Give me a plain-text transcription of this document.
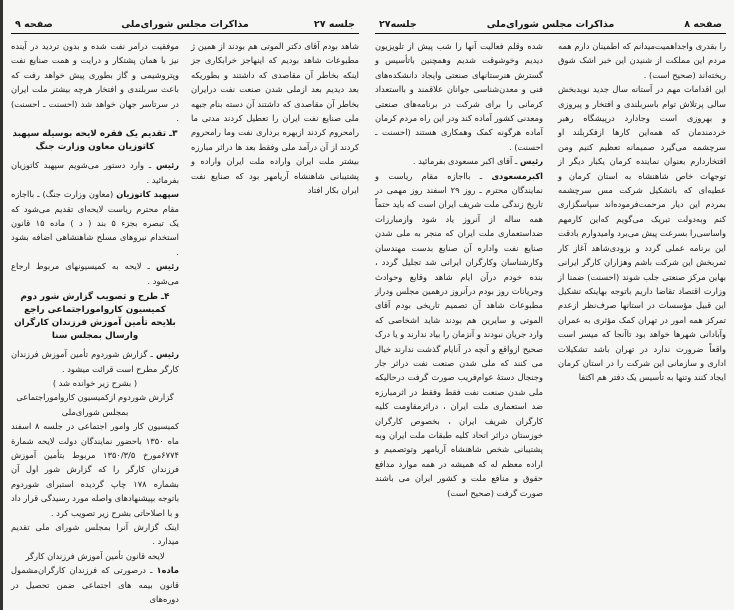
جلسه ۲۷
مذاکرات مجلس شورای‌ملی
صفحه ۹

شاهد بودم آقای دکتر الموتی هم بودند از همین ژ مطبوعات شاهد بودیم که اینهاجز خرابکاری جز اینکه بخاطر آن مقاصدی که داشتند و بطوریکه بعد دیدیم بعد ازملی شدن صنعت نفت درایران بخاطر آن مقاصدی که داشتند آن دسته بنام جبهه ملی صنایع نفت ایران را تعطیل کردند مدتی ما رامحروم کردند ازبهره برداری نفت وما رامحروم کردند از آن درآمد ملی وفقط بعد ها دراثر مبارزه بیشتر ملت ایران واراده ملت ایران واراده و پشتیبانی شاهنشاه آریامهر بود که صنایع نفت ایران بکار افتاد

موفقیت درامر نفت شده و بدون تردید در آینده نیز با همان پشتکار و درایت و همت صنایع نفت وپتروشیمی و گاز بطوری پیش خواهد رفت که باعث سربلندی و افتخار هرچه بیشتر ملت ایران در سرتاسر جهان خواهد شد (احسنت ـ احسنت) .

۳ـ تقدیم یک فقره لایحه بوسیله سپهبد کاتوزیان معاون وزارت جنگ

رئیس ـ وارد دستور می‌شویم سپهبد کاتوزیان بفرمائید .

سپهبد کاتوزیان (معاون وزارت جنگ) ـ بااجازه مقام محترم ریاست لایحه‌ای تقدیم می‌شود که یک تبصره بجزء ۵ بند ( د ) ماده ۱۵ قانون استخدام نیروهای مسلح شاهنشاهی اضافه بشود .

رئیس ـ لایحه به کمیسیونهای مربوط ارجاع می‌شود .

۴ـ طرح و تصویب گزارش شور دوم کمیسیون کارواموراجتماعی راجع بلایحه تأمین آموزش فرزندان کارگران وارسال بمجلس سنا

رئیس ـ گزارش شوردوم تأمین آموزش فرزندان کارگر مطرح است قرائت میشود .

( بشرح زیر خوانده شد )

گزارش شوردوم ازکمیسیون کارواموراجتماعی

بمجلس شورای‌ملی

کمیسیون کار وامور اجتماعی در جلسه ۸ اسفند ماه ۱۳۵۰ باحضور نمایندگان دولت لایحه شمارة ۶۷۷۴مورخ ۱۳۵۰/۳/۵ مربوط بتأمین آموزش فرزندان کارگر را که گزارش شور اول آن بشماره ۱۷۸ چاپ گردیده استبرای شوردوم باتوجه بپیشنهادهای واصله مورد رسیدگی قرار داد و با اصلاحاتی بشرح زیر تصویب کرد .

اینک گزارش آنرا بمجلس شورای ملی تقدیم میدارد .

لایحه قانون تأمین آموزش فرزندان کارگر

ماده۱ ـ درصورتی که فرزندان کارگران‌مشمول قانون بیمه های اجتماعی ضمن تحصیل در دوره‌های

صفحه ۸
مذاکرات مجلس شورای‌ملی
جلسه۲۷

را بقدری واجداهمیت‌میدانم که اطمینان دارم همه مردم این مملکت از شنیدن این خبر اشک شوق ریخته‌اند (صحیح است) .

این اقدامات مهم در آستانه سال جدید نویدبخش سالی پرتلاش توام باسربلندی و افتخار و پیروزی و بهروزی است وجادارد درپیشگاه رهبر خردمندمان که همه‌این کارها ازفکربلند او سرچشمه می‌گیرد صمیمانه تعظیم کنیم ومن افتخاردارم بعنوان نماینده کرمان یکبار دیگر از توجهات خاص شاهنشاه به استان کرمان و عطیه‌ای که باتشکیل شرکت مس سرچشمه بمردم این دیار مرحمت‌فرموده‌اند سپاسگزاری کنم وبه‌دولت تبریک می‌گویم که‌این کارمهم واساسی‌را بسرعت پیش می‌برد وامیدوارم بادقت این برنامه عملی گردد و بزودی‌شاهد آغاز کار ثمربخش این شرکت باشم وهزاران کارگر ایرانی بهاین مرکز صنعتی جلب شوند (احسنت) ضمنا از وزارت اقتصاد تقاضا داریم باتوجه بهاینکه تشکیل این قبیل مؤسسات در استانها صرف‌نظر ازعدم تمرکز همه امور در تهران کمک مؤثری به عمران وآبادانی شهرها خواهد بود تاآنجا که میسر است واقعاً ضرورت ندارد در تهران باشد تشکیلات اداری و سازمانی این شرکت را در استان کرمان ایجاد کنند وتنها به تأسیس یک دفتر هم اکتفا

شده وقلم فعالیت آنها را شب پیش از تلویزیون دیدیم وخوشوقت شدیم وهمچنین باتأسیس و گسترش هنرستانهای صنعتی وایجاد دانشکده‌های فنی و معدن‌شناسی جوانان علاقمند و بااستعداد کرمانی را برای شرکت در برنامه‌های صنعتی ومعدنی کشور آماده کند ودر این راه مردم کرمان آماده هرگونه کمک وهمکاری هستند (احسنت ـ احسنت) .

رئیس ـ آقای اکبر مسعودی بفرمائید .

اکبرمسعودی ـ بااجازه مقام ریاست و نمایندگان محترم ـ روز ۲۹ اسفند روز مهمی در تاریخ زندگی ملت شریف ایران است که باید حتماً همه ساله از آنروز یاد شود وازمبارزات ضداستعماری ملت ایران که منجر به ملی شدن صنایع نفت واداره آن صنایع بدست مهندسان وکارشناسان وکارگران ایرانی شد تجلیل گردد ، بنده خودم درآن ایام شاهد وقایع وحوادث وجریانات روز بودم درآنروز درهمین مجلس ودراز مطبوعات شاهد آن تصمیم تاریخی بودم آقای الموتی و سایرین هم بودند شاید اشخاصی که وارد جریان نبودند و آنزمان را بیاد ندارند و یا درک صحیح ازواقع و آنچه در آنایام گذشت ندارند خیال می کنند که ملی شدن صنعت نفت دراثر جار وجنجال دستهٔ عوام‌فریب صورت گرفت درحالیکه ملی شدن صنعت نفت فقط وفقط در اثرمبارزه ضد استعماری ملت ایران ، دراثرمقاومت کلیه کارگران شریف ایران ، بخصوص کارگران خوزستان دراثر اتحاد کلیه طبقات ملت ایران وبه پشتیبانی شخص شاهنشاه آریامهر وتوتصمیم و اراده معظم له که همیشه در همه موارد مدافع حقوق و منافع ملت و کشور ایران می باشند صورت گرفت (صحیح است)
